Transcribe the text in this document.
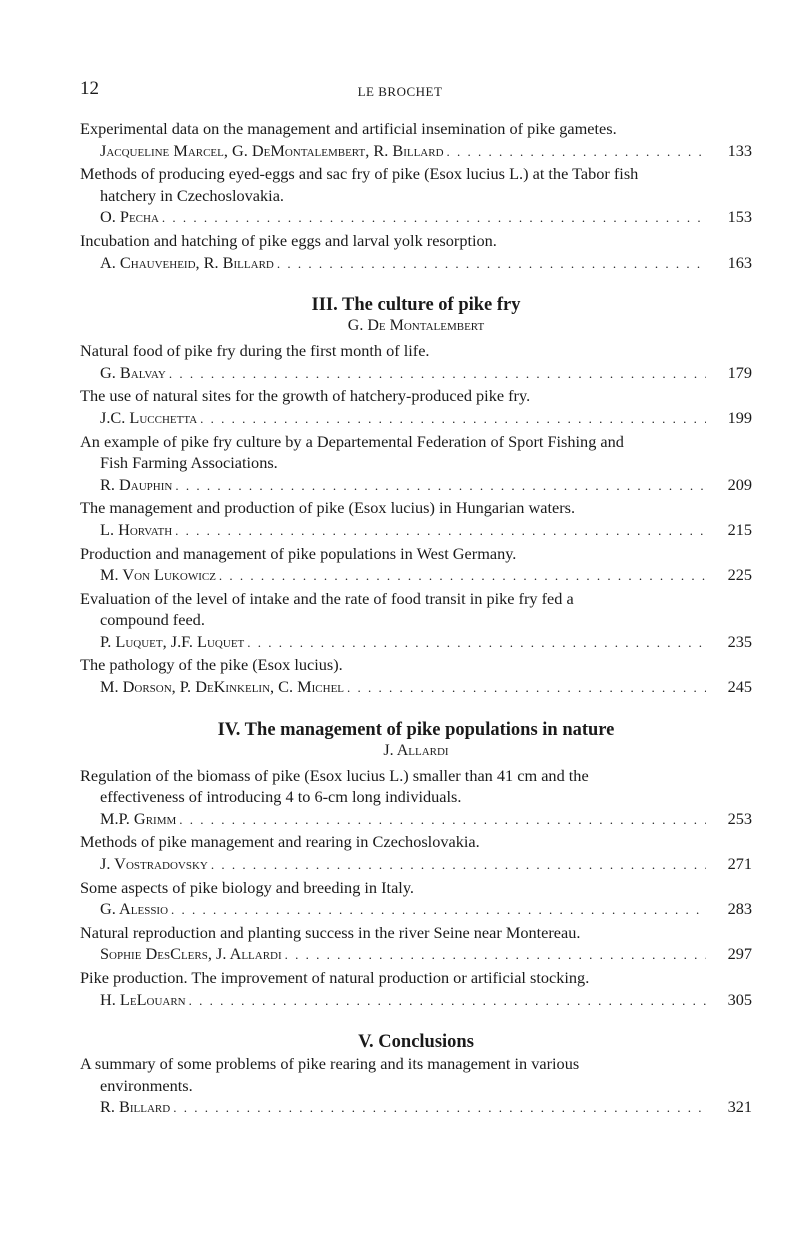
12	LE BROCHET
Experimental data on the management and artificial insemination of pike gametes.
Jacqueline Marcel, G. DeMontalembert, R. Billard . . .	133
Methods of producing eyed-eggs and sac fry of pike (Esox lucius L.) at the Tabor fish
hatchery in Czechoslovakia.
O. Pecha . . .	153
Incubation and hatching of pike eggs and larval yolk resorption.
A. Chauveheid, R. Billard . . .	163
III. The culture of pike fry
G. De Montalembert
Natural food of pike fry during the first month of life.
G. Balvay . . .	179
The use of natural sites for the growth of hatchery-produced pike fry.
J.C. Lucchetta . . .	199
An example of pike fry culture by a Departemental Federation of Sport Fishing and
Fish Farming Associations.
R. Dauphin . . .	209
The management and production of pike (Esox lucius) in Hungarian waters.
L. Horvath . . .	215
Production and management of pike populations in West Germany.
M. Von Lukowicz . . .	225
Evaluation of the level of intake and the rate of food transit in pike fry fed a
compound feed.
P. Luquet, J.F. Luquet . . .	235
The pathology of the pike (Esox lucius).
M. Dorson, P. DeKinkelin, C. Michel . . .	245
IV. The management of pike populations in nature
J. Allardi
Regulation of the biomass of pike (Esox lucius L.) smaller than 41 cm and the
effectiveness of introducing 4 to 6-cm long individuals.
M.P. Grimm . . .	253
Methods of pike management and rearing in Czechoslovakia.
J. Vostradovsky . . .	271
Some aspects of pike biology and breeding in Italy.
G. Alessio . . .	283
Natural reproduction and planting success in the river Seine near Montereau.
Sophie DesClers, J. Allardi . . .	297
Pike production. The improvement of natural production or artificial stocking.
H. LeLouarn . . .	305
V. Conclusions
A summary of some problems of pike rearing and its management in various
environments.
R. Billard . . .	321
